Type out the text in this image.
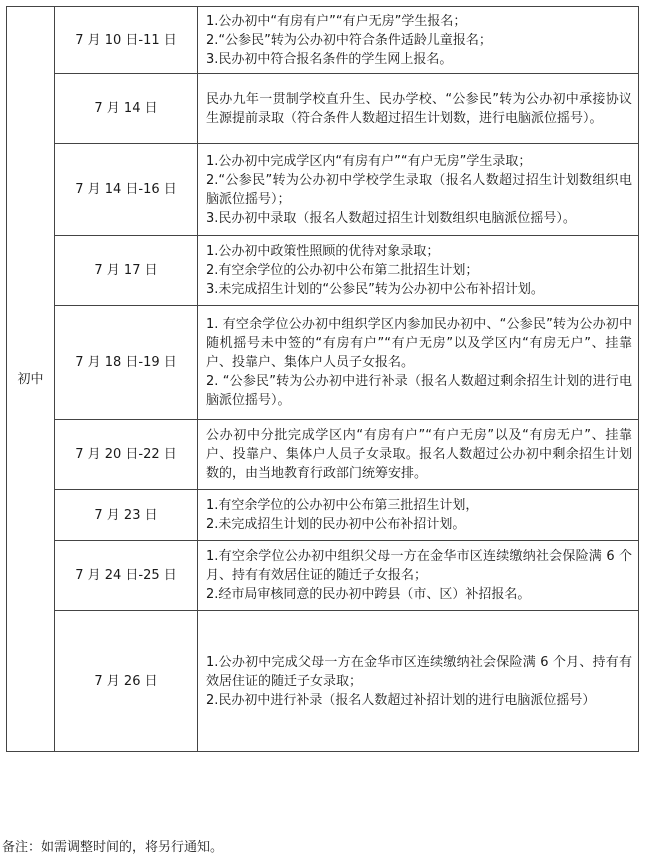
初中	7 月 10 日-11 日	1.公办初中“有房有户”“有户无房”学生报名；
2.“公参民”转为公办初中符合条件适龄儿童报名；
3.民办初中符合报名条件的学生网上报名。

	7 月 14 日	民办九年一贯制学校直升生、民办学校、“公参民”转为公办初中承接协议生源提前录取（符合条件人数超过招生计划数，进行电脑派位摇号）。

	7 月 14 日-16 日	1.公办初中完成学区内“有房有户”“有户无房”学生录取；
2.“公参民”转为公办初中学校学生录取（报名人数超过招生计划数组织电脑派位摇号）；
3.民办初中录取（报名人数超过招生计划数组织电脑派位摇号）。

	7 月 17 日	1.公办初中政策性照顾的优待对象录取；
2.有空余学位的公办初中公布第二批招生计划；
3.未完成招生计划的“公参民”转为公办初中公布补招计划。

	7 月 18 日-19 日	1. 有空余学位公办初中组织学区内参加民办初中、“公参民”转为公办初中随机摇号未中签的“有房有户”“有户无房”以及学区内“有房无户”、挂靠户、投靠户、集体户人员子女报名。
2. “公参民”转为公办初中进行补录（报名人数超过剩余招生计划的进行电脑派位摇号）。

	7 月 20 日-22 日	公办初中分批完成学区内“有房有户”“有户无房”以及“有房无户”、挂靠户、投靠户、集体户人员子女录取。报名人数超过公办初中剩余招生计划数的，由当地教育行政部门统筹安排。

	7 月 23 日	1.有空余学位的公办初中公布第三批招生计划，
2.未完成招生计划的民办初中公布补招计划。

	7 月 24 日-25 日	1.有空余学位公办初中组织父母一方在金华市区连续缴纳社会保险满 6 个月、持有有效居住证的随迁子女报名；
2.经市局审核同意的民办初中跨县（市、区）补招报名。

	7 月 26 日	1.公办初中完成父母一方在金华市区连续缴纳社会保险满 6 个月、持有有效居住证的随迁子女录取；
2.民办初中进行补录（报名人数超过补招计划的进行电脑派位摇号）
备注：如需调整时间的，将另行通知。
